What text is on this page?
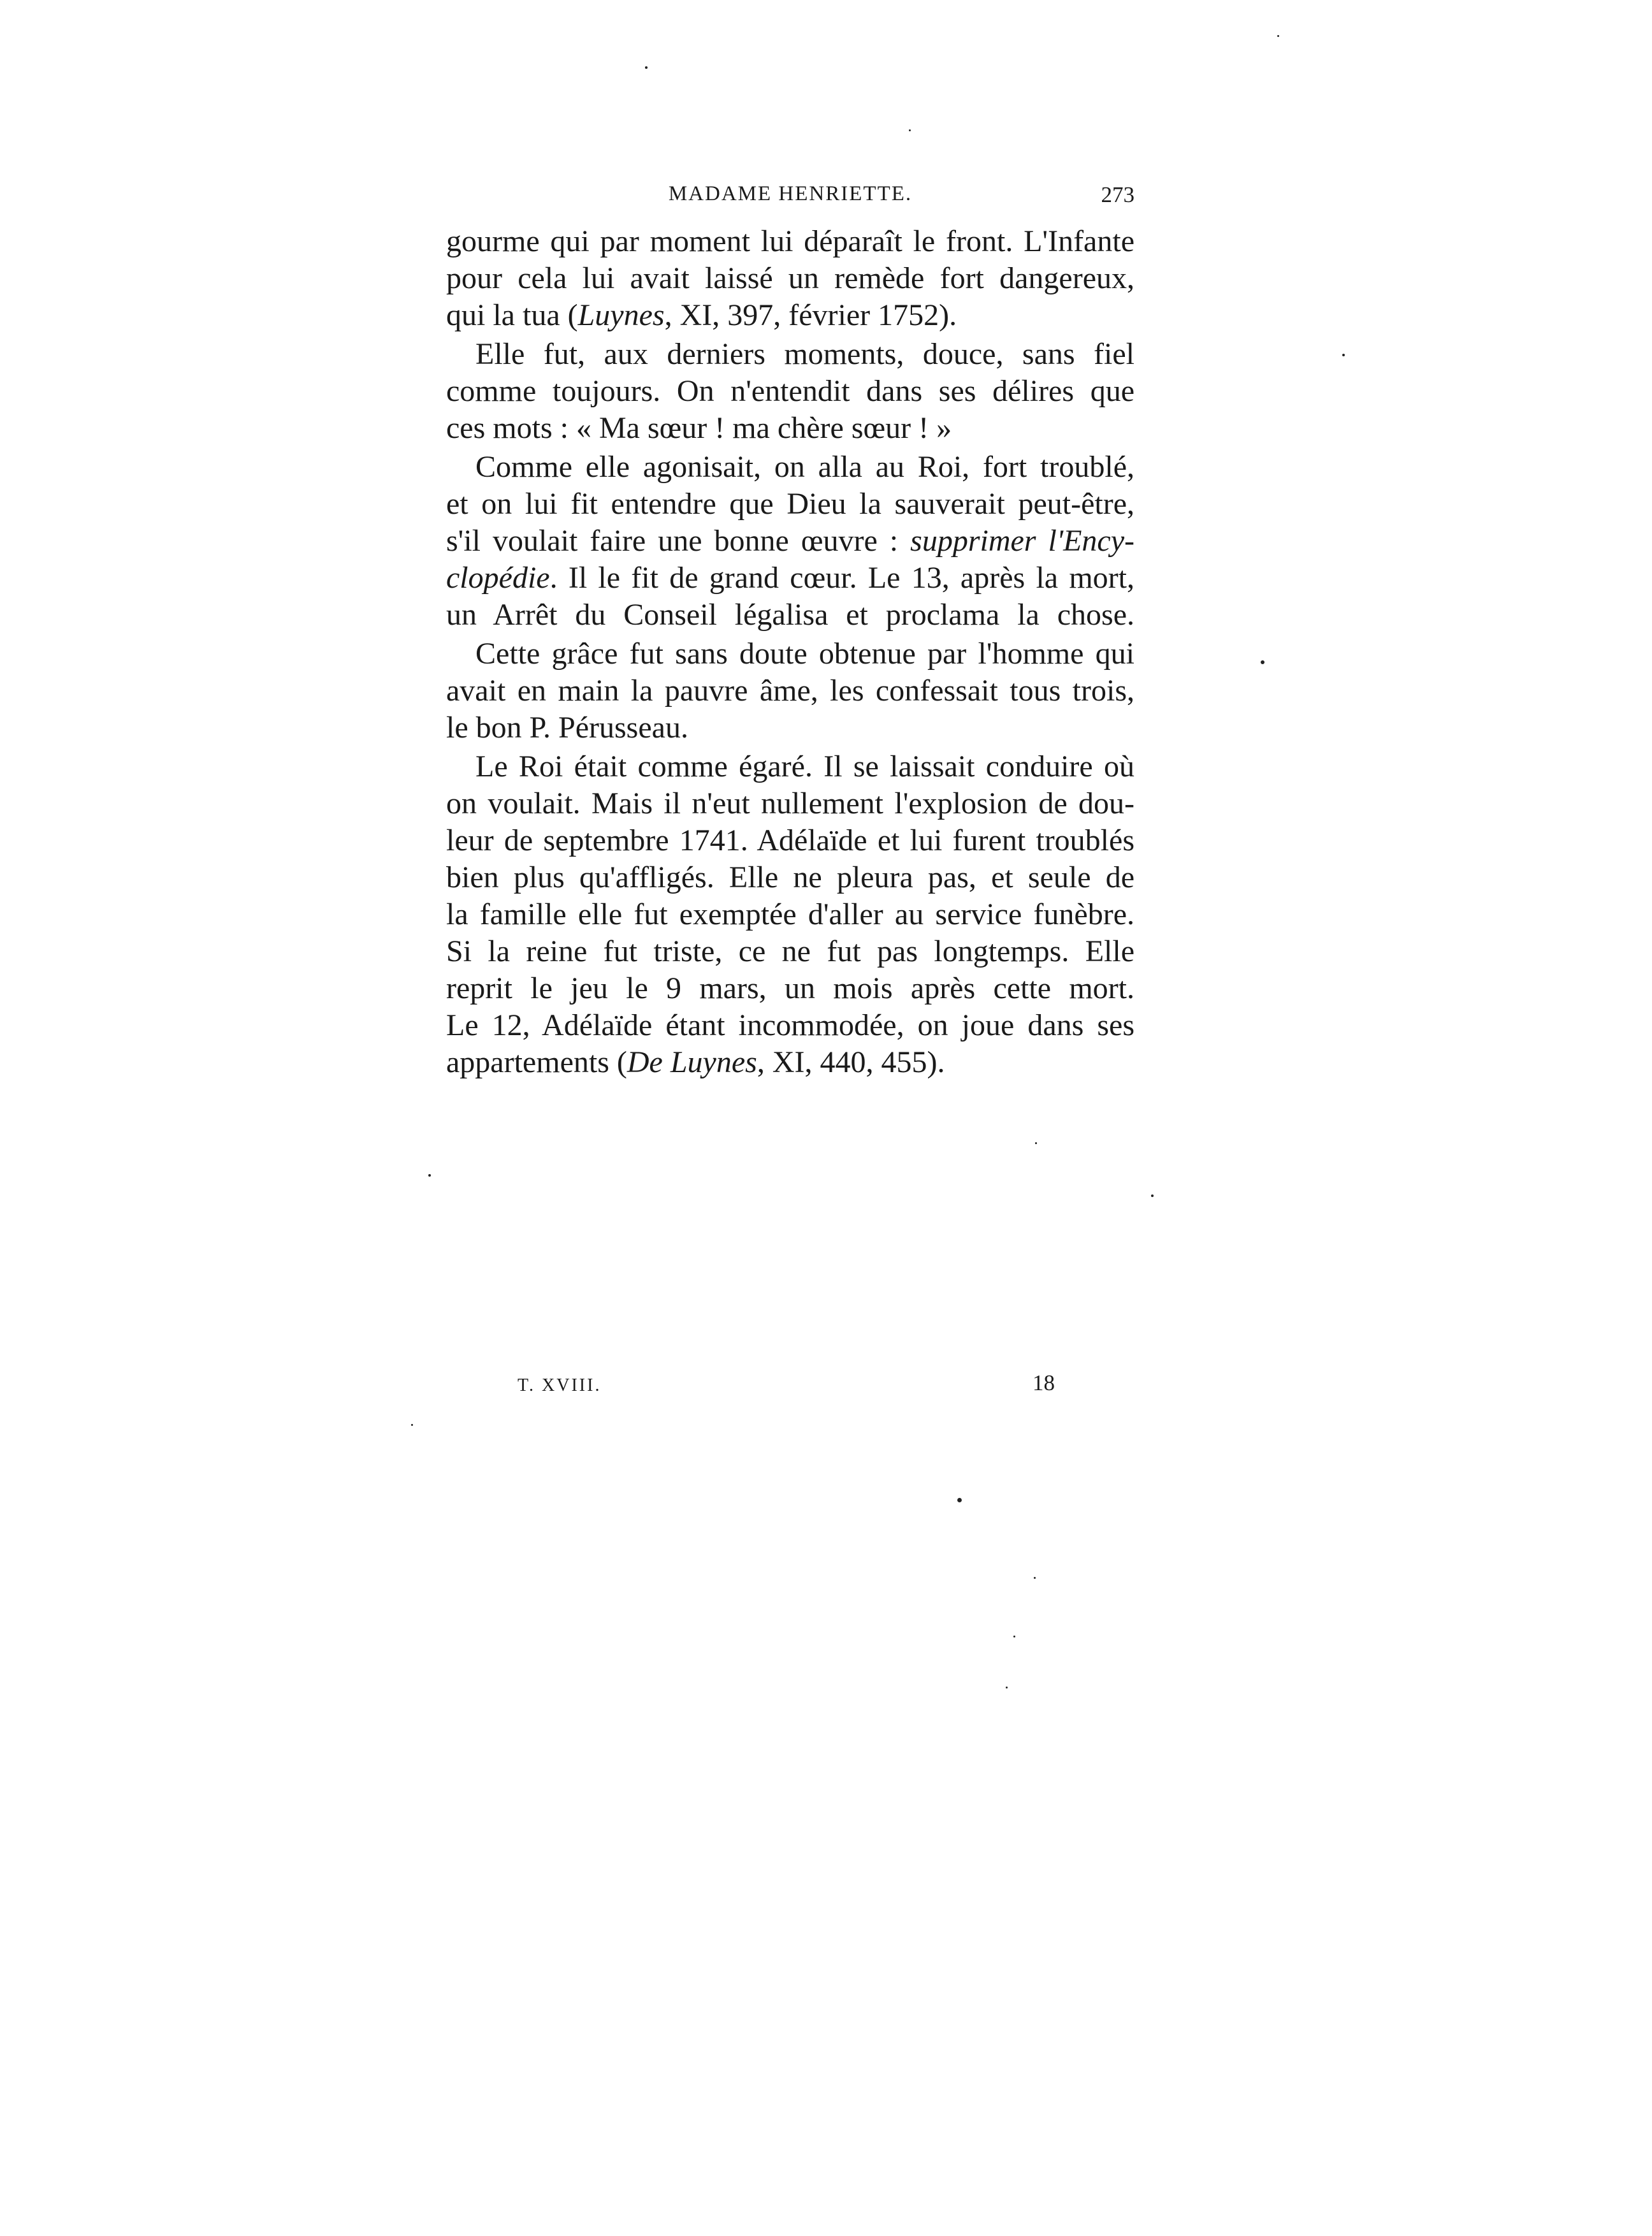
MADAME HENRIETTE.	273
gourme qui par moment lui déparaît le front. L'Infante
pour cela lui avait laissé un remède fort dangereux,
qui la tua (Luynes, XI, 397, février 1752).
Elle fut, aux derniers moments, douce, sans fiel
comme toujours. On n'entendit dans ses délires que
ces mots : « Ma sœur ! ma chère sœur ! »
Comme elle agonisait, on alla au Roi, fort troublé,
et on lui fit entendre que Dieu la sauverait peut-être,
s'il voulait faire une bonne œuvre : supprimer l'Ency-
clopédie. Il le fit de grand cœur. Le 13, après la mort,
un Arrêt du Conseil légalisa et proclama la chose.
Cette grâce fut sans doute obtenue par l'homme qui
avait en main la pauvre âme, les confessait tous trois,
le bon P. Pérusseau.
Le Roi était comme égaré. Il se laissait conduire où
on voulait. Mais il n'eut nullement l'explosion de dou-
leur de septembre 1741. Adélaïde et lui furent troublés
bien plus qu'affligés. Elle ne pleura pas, et seule de
la famille elle fut exemptée d'aller au service funèbre.
Si la reine fut triste, ce ne fut pas longtemps. Elle
reprit le jeu le 9 mars, un mois après cette mort.
Le 12, Adélaïde étant incommodée, on joue dans ses
appartements (De Luynes, XI, 440, 455).
T. XVIII.	18
